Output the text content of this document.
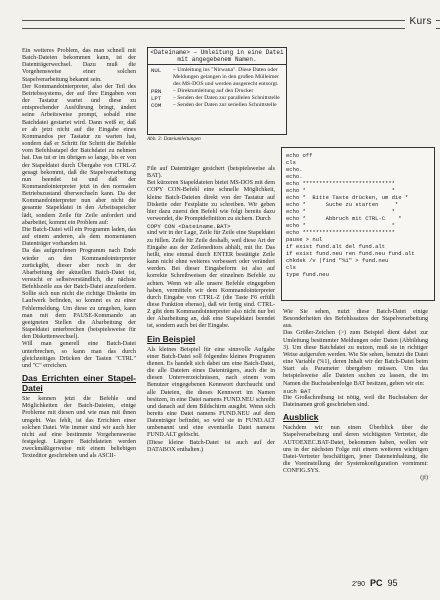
Kurs

Ein weiteres Problem, das man schnell mit Batch-Dateien bekommen kann, ist der Datenträgerwechsel. Dazu muß die Vorgehensweise einer solchen Stapelverarbeitung bekannt sein.

Der Kommandointerpreter, also der Teil des Betriebssystems, der auf Ihre Eingaben von der Tastatur wartet und diese zu entsprechender Ausführung bringt, ändert seine Arbeitsweise prompt, sobald eine Batchdatei gestartet wird. Dann weiß er, daß er ab jetzt nicht auf die Eingabe eines Kommandos per Tastatur zu warten hat, sondern daß er Schritt für Schritt die Befehle vom Befehlsstapel der Batchdatei zu nehmen hat. Das tut er im übrigen so lange, bis er von der Stapeldatei durch Übergabe von CTRL-Z gesagt bekommt, daß die Stapelverarbeitung nun beendet ist und daß der Kommandointerpreter jetzt in den normalen Betriebszustand überwechseln kann. Da der Kommandointerpreter nun aber nicht die gesamte Stapeldatei in den Arbeitsspeicher lädt, sondern Zeile für Zeile anfordert und abarbeitet, kommt ein Problem auf:

Die Batch-Datei will ein Programm laden, das auf einem anderen, als dem momentanen Datenträger vorhanden ist.

Da das aufgerufenen Programm nach Ende wieder an den Kommandointerpreter zurückgibt, dieser aber noch in der Abarbeitung der aktuellen Batch-Datei ist, versucht er selbstverständlich, die nächste Befehlszeile aus der Batch-Datei anzufordern. Sollte sich nun nicht die richtige Diskette im Laufwerk befinden, so kommt es zu einer Fehlermeldung. Um diese zu umgehen, kann man mit dem PAUSE-Kommando an geeigneten Stellen die Abarbeitung der Stapeldatei unterbrechen (beispielsweise für den Diskettenwechsel).

Will man generell eine Batch-Datei unterbrechen, so kann man das durch gleichzeitiges Drücken der Tasten "CTRL" und "C" erreichen.

Das Errichten einer Stapel-Datei

Sie kennen jetzt die Befehle und Möglichkeiten der Batch-Dateien, einige Probleme mit diesen und wie man mit ihnen umgeht. Was fehlt, ist das Errichten einer solchen Datei. Wie immer sind wir auch hier nicht auf eine bestimmte Vorgehensweise festgelegt. Längere Batchdateien werden zweckmäßigerweise mit einem beliebigen Texteditor geschrieben und als ASCII-

<Dateiname> – Umleitung in eine Datei mit angegebenem Namen.
NUL	– Umleitung ins "Nirwana". Diese Daten oder Meldungen gelangen in den großen Mülleimer des MS-DOS und werden ausgerecht entsorgt.
PRN	– Direktumleitung auf den Drucker
LPT	– Senden der Daten zur parallelen Schnittstelle
COM	– Senden der Daten zur seriellen Schnittstelle
Abb. 3: Dateiumleitungen
echo off
cls
echo.
echo.
echo ****************************
echo *                          *
echo *  Bitte Taste drücken, um die *
echo *      Suche zu starten     *
echo *                          *
echo *      Abbruch mit CTRL-C    *
echo *                          *
echo ****************************
pause > nul
if exist fund.alt del fund.alt
if exist fund.neu ren fund.neu fund.alt
chkdsk /v |find "%1" > fund.neu
cls
type fund.neu

File auf Datenträger gesichert (beispielsweise als BAT).

Bei kürzeren Stapeldateien bietet MS-DOS mit dem COPY CON-Befehl eine schnelle Möglichkeit, kleine Batch-Dateien direkt von der Tastatur auf Diskette oder Festplatte zu schreiben. Wir geben hier dazu zuerst den Befehl wie folgt bereits dazu verwendet, die Promptdefinition zu sichern. Durch

COPY CON <Dateiname.BAT>

sind wir in der Lage, Zeile für Zeile eine Stapeldatei zu füllen. Zeile für Zeile deshalb, weil diese Art der Eingabe aus der Zeileneditors abhält, mit ihr. Das heißt, eine einmal durch ENTER bestätigte Zeile kann nicht ohne weiteres verbessert oder verändert werden. Bei dieser Eingabeform ist also auf korrekte Schreibweisen der einzelnen Befehle zu achten. Wenn wir alle unsere Befehle eingegeben haben, vermitteln wir dem Kommandointerpreter durch Eingabe von CTRL-Z (die Taste F6 erfüllt diese Funktion ebenso), daß wir fertig sind. CTRL-Z gibt dem Kommandointerpreter also nicht nur bei der Abarbeitung an, daß eine Stapeldatei beendet ist, sondern auch bei der Eingabe.

Ein Beispiel

Als kleines Beispiel für eine sinnvolle Aufgabe einer Batch-Datei soll folgendes kleines Programm dienen. Es handelt sich dabei um eine Batch-Datei, die alle Dateien eines Datenträgers, auch die in diesen Unterverzeichnissen, nach einem vom Benutzer eingegebenen Kennwort durchsucht und alle Dateien, die dieses Kennwort im Namen besitzen, in eine Datei namens FUND.NEU schreibt und danach auf dem Bildschirm ausgibt. Wenn sich bereits eine Datei namens FUND.NEU auf dem Datenträger befindet, so wird sie in FUND.ALT umbenannt und eine eventuelle Datei namens FUND.ALT gelöscht.

(Diese kleine Batch-Datei ist auch auf der DATABOX enthalten.)

Wie Sie sehen, nutzt diese Batch-Datei einige Besonderheiten des Befehlssatzes der Stapelverarbeitung aus.

Das Größer-Zeichen (>) zum Beispiel dient dabei zur Umleitung bestimmter Meldungen oder Daten (Abbildung 3). Um diese Batchdatei zu nutzen, muß sie in richtiger Weise aufgerufen werden. Wie Sie sehen, benutzt die Datei eine Variable (%1), deren Inhalt wir der Batch-Datei beim Start als Parameter übergeben müssen. Um das beispielsweise alle Dateien suchen zu lassen, die im Namen die Buchstabenfolge BAT besitzen, geben wir ein:

such BAT

Die Großschreibung ist nötig, weil die Buchstaben der Dateinamen groß geschrieben sind.

Ausblick

Nachdem wir nun einen Überblick über die Stapelverarbeitung und deren wichtigsten Vertreter, die AUTOEXEC.BAT-Datei, bekommen haben, wollen wir uns in der nächsten Folge mit einem weiteren wichtigen Datei-Vertreter beschäftigen, jener Dateneinhaltung, die die Voreinstellung der Systemkonfiguration vornimmt: CONFIG.SYS.

(jf)

2'90 PC 95
